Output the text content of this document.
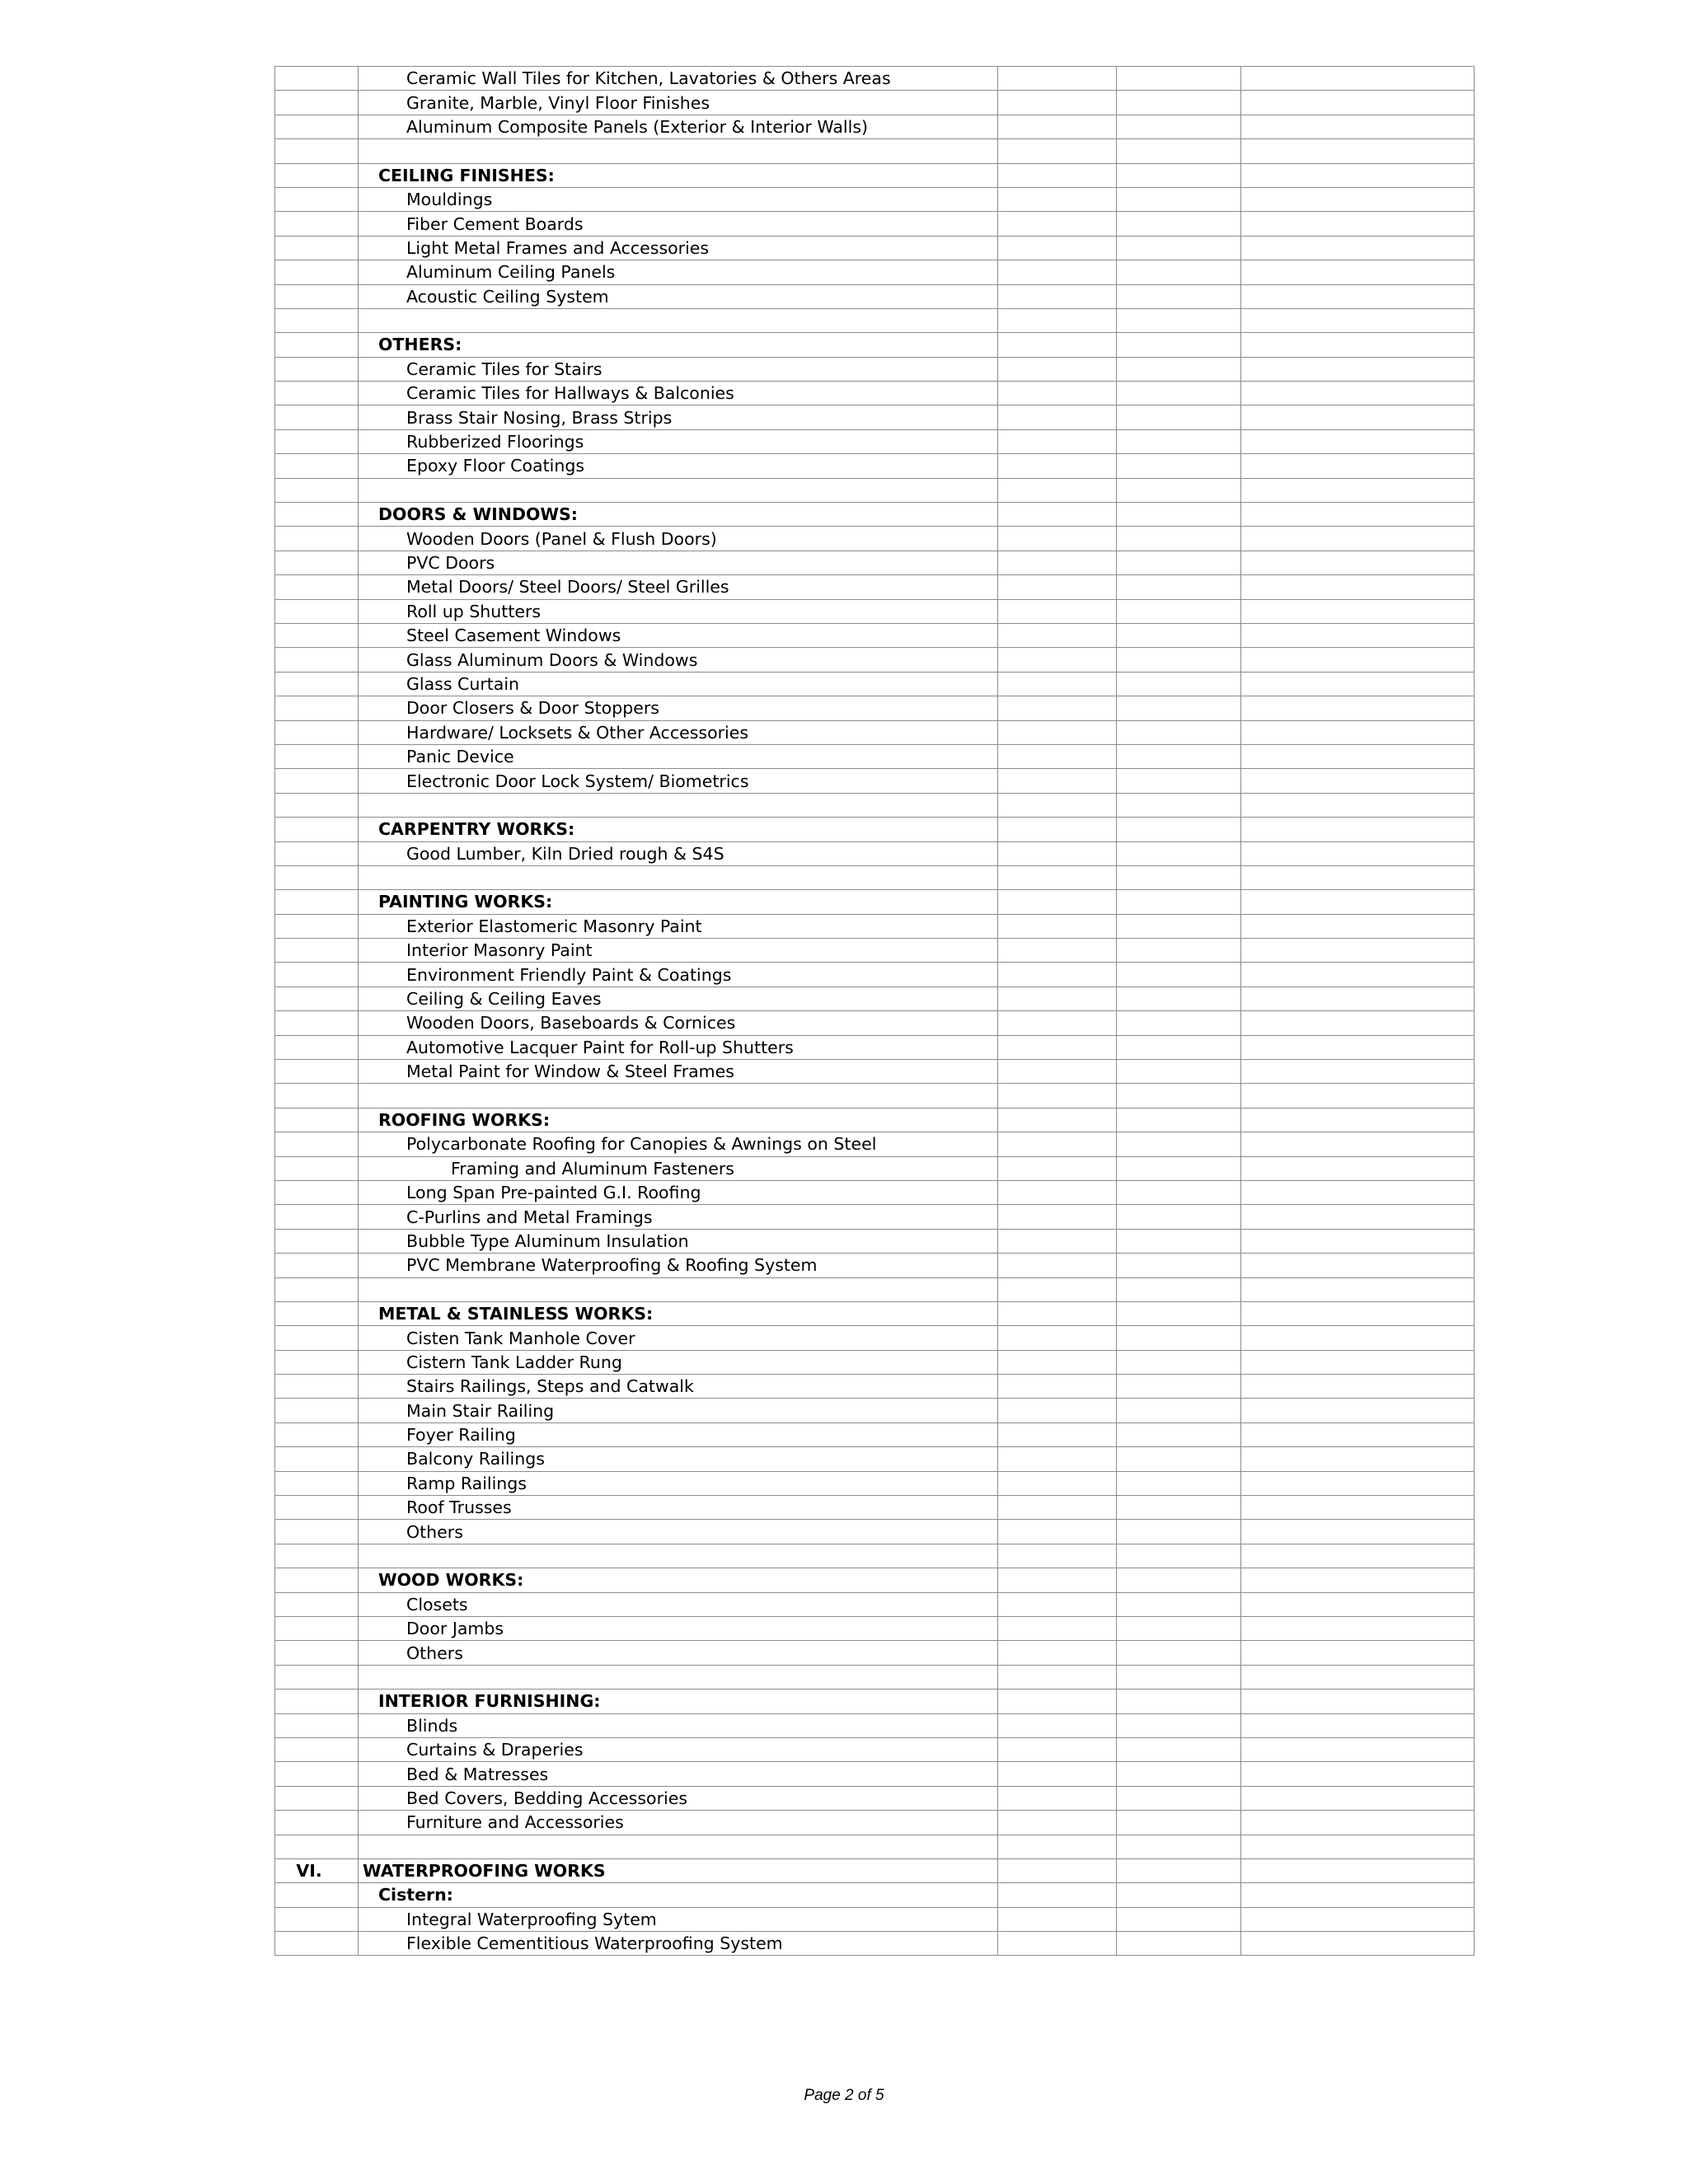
	Ceramic Wall Tiles for Kitchen, Lavatories & Others Areas			
	Granite, Marble, Vinyl Floor Finishes			
	Aluminum Composite Panels (Exterior & Interior Walls)			

	CEILING FINISHES:			
	Mouldings			
	Fiber Cement Boards			
	Light Metal Frames and Accessories			
	Aluminum Ceiling Panels			
	Acoustic Ceiling System			

	OTHERS:			
	Ceramic Tiles for Stairs			
	Ceramic Tiles for Hallways & Balconies			
	Brass Stair Nosing, Brass Strips			
	Rubberized Floorings			
	Epoxy Floor Coatings			

	DOORS & WINDOWS:			
	Wooden Doors (Panel & Flush Doors)			
	PVC Doors			
	Metal Doors/ Steel Doors/ Steel Grilles			
	Roll up Shutters			
	Steel Casement Windows			
	Glass Aluminum Doors & Windows			
	Glass Curtain			
	Door Closers & Door Stoppers			
	Hardware/ Locksets & Other Accessories			
	Panic Device			
	Electronic Door Lock System/ Biometrics			

	CARPENTRY WORKS:			
	Good Lumber, Kiln Dried rough & S4S			

	PAINTING WORKS:			
	Exterior Elastomeric Masonry Paint			
	Interior Masonry Paint			
	Environment Friendly Paint & Coatings			
	Ceiling & Ceiling Eaves			
	Wooden Doors, Baseboards & Cornices			
	Automotive Lacquer Paint for Roll-up Shutters			
	Metal Paint for Window & Steel Frames			

	ROOFING WORKS:			
	Polycarbonate Roofing for Canopies & Awnings on Steel			
	Framing and Aluminum Fasteners			
	Long Span Pre-painted G.I. Roofing			
	C-Purlins and Metal Framings			
	Bubble Type Aluminum Insulation			
	PVC Membrane Waterproofing & Roofing System			

	METAL & STAINLESS WORKS:			
	Cisten Tank Manhole Cover			
	Cistern Tank Ladder Rung			
	Stairs Railings, Steps and Catwalk			
	Main Stair Railing			
	Foyer Railing			
	Balcony Railings			
	Ramp Railings			
	Roof Trusses			
	Others			

	WOOD WORKS:			
	Closets			
	Door Jambs			
	Others			

	INTERIOR FURNISHING:			
	Blinds			
	Curtains & Draperies			
	Bed & Matresses			
	Bed Covers, Bedding Accessories			
	Furniture and Accessories			

VI.	WATERPROOFING WORKS			
	Cistern:			
	Integral Waterproofing Sytem			
	Flexible Cementitious Waterproofing System			
Page 2 of 5
